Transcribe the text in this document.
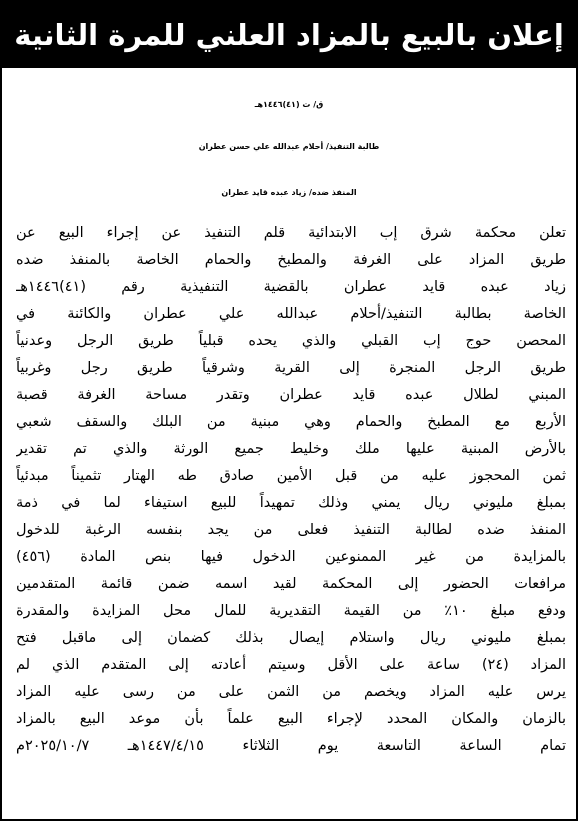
إعلان بالبيع بالمزاد العلني للمرة الثانية
ق/ ت (٤١)١٤٤٦هـ
طالبة التنفيذ/ أحلام عبدالله علي حسن عطران
المنفذ ضده/ زياد عبده قايد عطران
تعلن محكمة شرق إب الابتدائية قلم التنفيذ عن إجراء البيع عن
طريق المزاد على الغرفة والمطبخ والحمام الخاصة بالمنفذ ضده
زياد عبده قايد عطران بالقضية التنفيذية رقم (٤١)١٤٤٦هـ
الخاصة بطالبة التنفيذ/أحلام عبدالله علي عطران والكائنة في
المحصن حوج إب القبلي والذي يحده قبلياً طريق الرجل وعدنياً
طريق الرجل المنجرة إلى القرية وشرقياً طريق رجل وغربياً
المبني لطلال عبده قايد عطران وتقدر مساحة الغرفة قصبة
الأربع مع المطبخ والحمام وهي مبنية من البلك والسقف شعبي
بالأرض المبنية عليها ملك وخليط جميع الورثة والذي تم تقدير
ثمن المحجوز عليه من قبل الأمين صادق طه الهتار تثميناً مبدئياً
بمبلغ مليوني ريال يمني وذلك تمهيداً للبيع استيفاء لما في ذمة
المنفذ ضده لطالبة التنفيذ فعلى من يجد بنفسه الرغبة للدخول
بالمزايدة من غير الممنوعين الدخول فيها بنص المادة (٤٥٦)
مرافعات الحضور إلى المحكمة لقيد اسمه ضمن قائمة المتقدمين
ودفع مبلغ ١٠٪ من القيمة التقديرية للمال محل المزايدة والمقدرة
بمبلغ مليوني ريال واستلام إيصال بذلك كضمان إلى ماقبل فتح
المزاد (٢٤) ساعة على الأقل وسيتم أعادته إلى المتقدم الذي لم
يرس عليه المزاد ويخصم من الثمن على من رسى عليه المزاد
بالزمان والمكان المحدد لإجراء البيع علماً بأن موعد البيع بالمزاد
تمام الساعة التاسعة يوم الثلاثاء ١٤٤٧/٤/١٥هـ ٢٠٢٥/١٠/٧م
